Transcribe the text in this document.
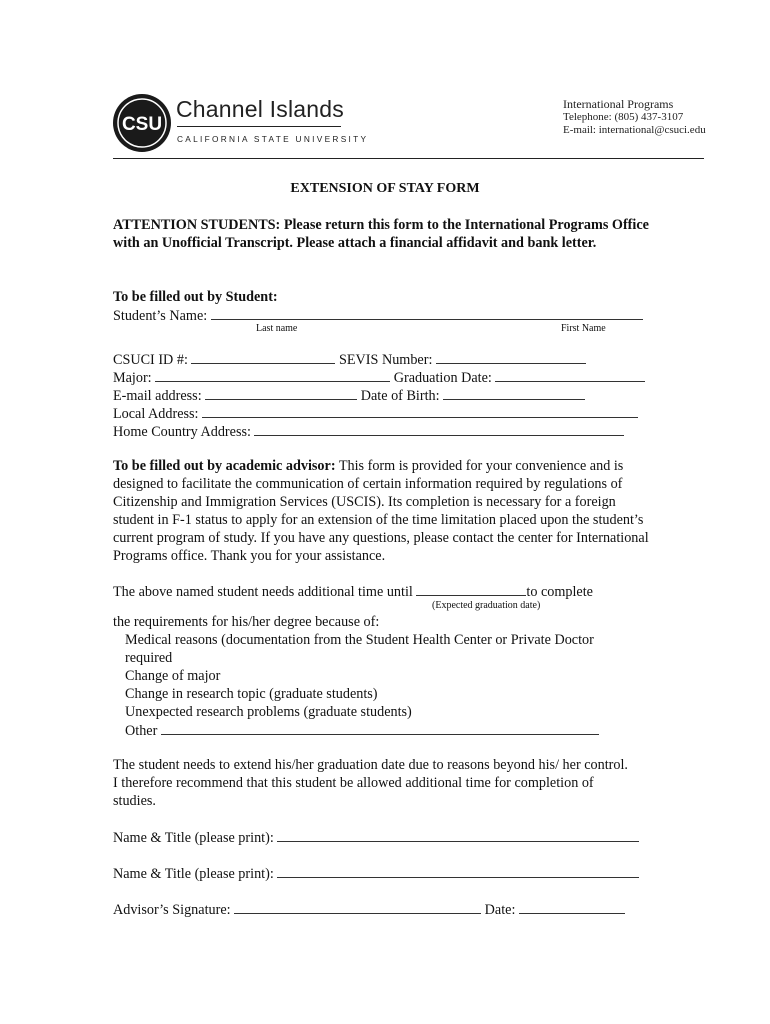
CSU
Channel Islands
CALIFORNIA STATE UNIVERSITY
International Programs
Telephone: (805) 437-3107
E-mail: international@csuci.edu
EXTENSION OF STAY FORM
ATTENTION STUDENTS: Please return this form to the International Programs Office with an Unofficial Transcript. Please attach a financial affidavit and bank letter.
To be filled out by Student:
Student’s Name:
Last name	First Name
CSUCI ID #:	SEVIS Number:
Major:	Graduation Date:
E-mail address:	Date of Birth:
Local Address:
Home Country Address:
To be filled out by academic advisor: This form is provided for your convenience and is designed to facilitate the communication of certain information required by regulations of Citizenship and Immigration Services (USCIS). Its completion is necessary for a foreign student in F-1 status to apply for an extension of the time limitation placed upon the student’s current program of study. If you have any questions, please contact the center for International Programs office. Thank you for your assistance.
The above named student needs additional time until	to complete
(Expected graduation date)
the requirements for his/her degree because of:
Medical reasons (documentation from the Student Health Center or Private Doctor
required
Change of major
Change in research topic (graduate students)
Unexpected research problems (graduate students)
Other
The student needs to extend his/her graduation date due to reasons beyond his/ her control. I therefore recommend that this student be allowed additional time for completion of studies.
Name & Title (please print):
Name & Title (please print):
Advisor’s Signature:	Date:
